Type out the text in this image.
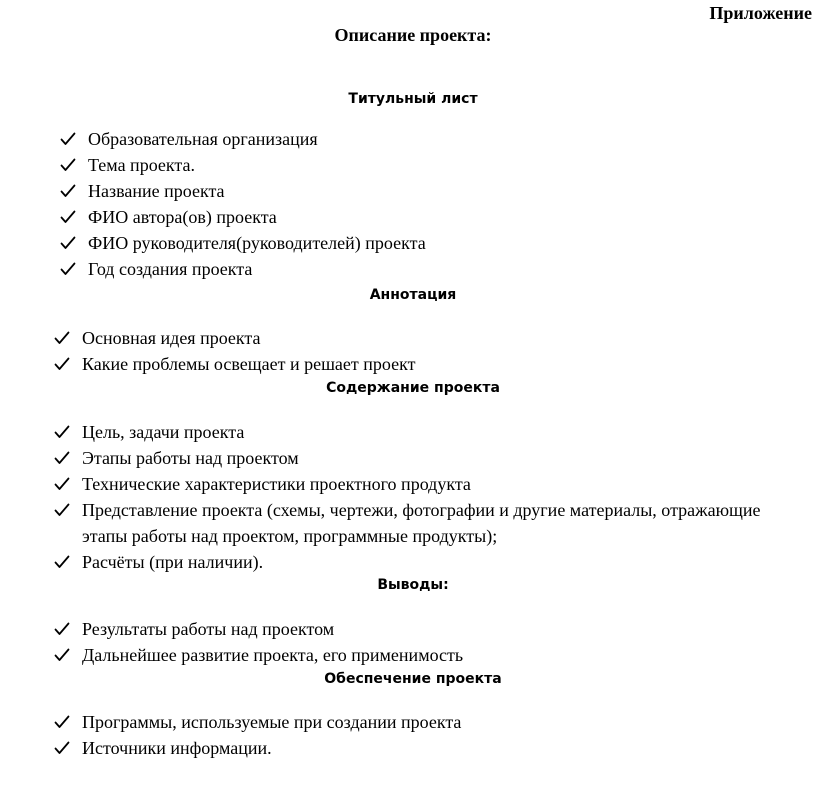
Приложение
Описание проекта:
Титульный лист
Образовательная организация
Тема проекта.
Название проекта
ФИО автора(ов) проекта
ФИО руководителя(руководителей) проекта
Год создания проекта
Аннотация
Основная идея проекта
Какие проблемы освещает и решает проект
Содержание проекта
Цель, задачи проекта
Этапы работы над проектом
Технические характеристики проектного продукта
Представление проекта (схемы, чертежи, фотографии и другие материалы, отражающие
этапы работы над проектом, программные продукты);
Расчёты (при наличии).
Выводы:
Результаты работы над проектом
Дальнейшее развитие проекта, его применимость
Обеспечение проекта
Программы, используемые при создании проекта
Источники информации.
